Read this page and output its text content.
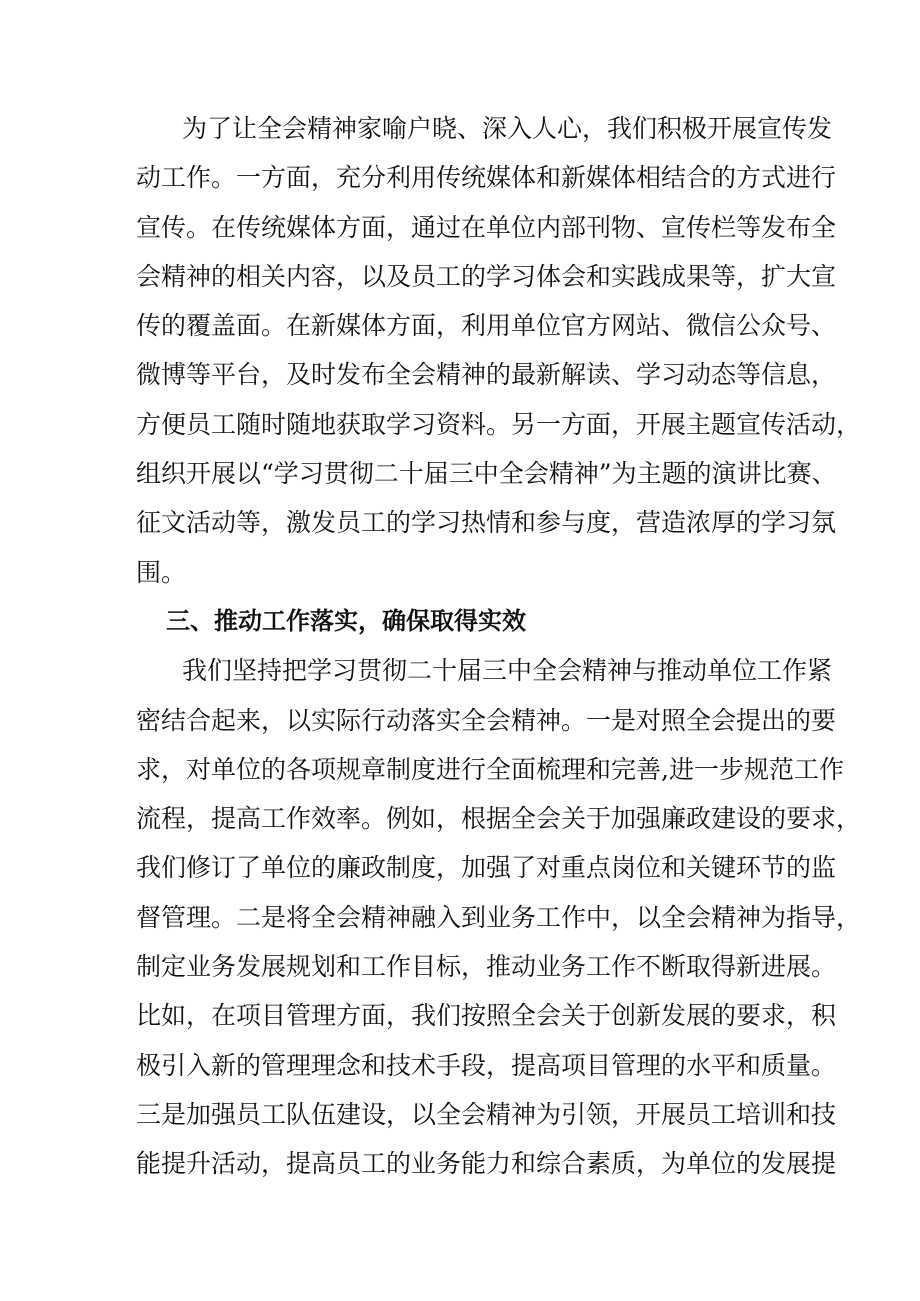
为了让全会精神家喻户晓、深入人心，我们积极开展宣传发
动工作。一方面，充分利用传统媒体和新媒体相结合的方式进行
宣传。在传统媒体方面，通过在单位内部刊物、宣传栏等发布全
会精神的相关内容，以及员工的学习体会和实践成果等，扩大宣
传的覆盖面。在新媒体方面，利用单位官方网站、微信公众号、
微博等平台，及时发布全会精神的最新解读、学习动态等信息，
方便员工随时随地获取学习资料。另一方面，开展主题宣传活动，
组织开展以“学习贯彻二十届三中全会精神”为主题的演讲比赛、
征文活动等，激发员工的学习热情和参与度，营造浓厚的学习氛
围。
三、推动工作落实，确保取得实效
我们坚持把学习贯彻二十届三中全会精神与推动单位工作紧
密结合起来，以实际行动落实全会精神。一是对照全会提出的要
求，对单位的各项规章制度进行全面梳理和完善,进一步规范工作
流程，提高工作效率。例如，根据全会关于加强廉政建设的要求，
我们修订了单位的廉政制度，加强了对重点岗位和关键环节的监
督管理。二是将全会精神融入到业务工作中，以全会精神为指导，
制定业务发展规划和工作目标，推动业务工作不断取得新进展。
比如，在项目管理方面，我们按照全会关于创新发展的要求，积
极引入新的管理理念和技术手段，提高项目管理的水平和质量。
三是加强员工队伍建设，以全会精神为引领，开展员工培训和技
能提升活动，提高员工的业务能力和综合素质，为单位的发展提
